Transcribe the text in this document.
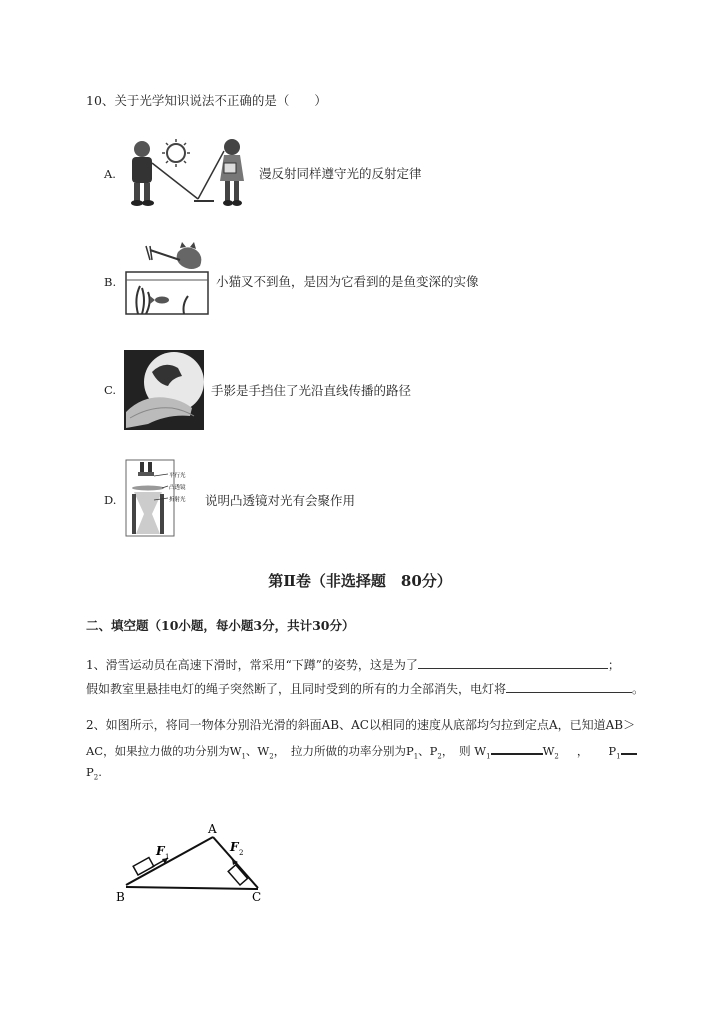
10、关于光学知识说法不正确的是（　　）
A.	漫反射同样遵守光的反射定律
B.	小猫叉不到鱼，是因为它看到的是鱼变深的实像
C.	手影是手挡住了光沿直线传播的路径
D.
平行光
凸透镜
折射光 说明凸透镜对光有会聚作用
第Ⅱ卷（非选择题　80分）
二、填空题（10小题，每小题3分，共计30分）
1、滑雪运动员在高速下滑时，常采用“下蹲”的姿势，这是为了	；
假如教室里悬挂电灯的绳子突然断了，且同时受到的所有的力全部消失，电灯将	。
2、如图所示，将同一物体分别沿光滑的斜面AB、AC以相同的速度从底部均匀拉到定点A，已知道AB＞
AC，如果拉力做的功分别为$W_1$、$W_2$，　拉力所做的功率分别为$P_1$、$P_2$，　则 $W_1$	$W_2$ ， $P_1$
$P_2$.
A
B	C
F 1
F 2
